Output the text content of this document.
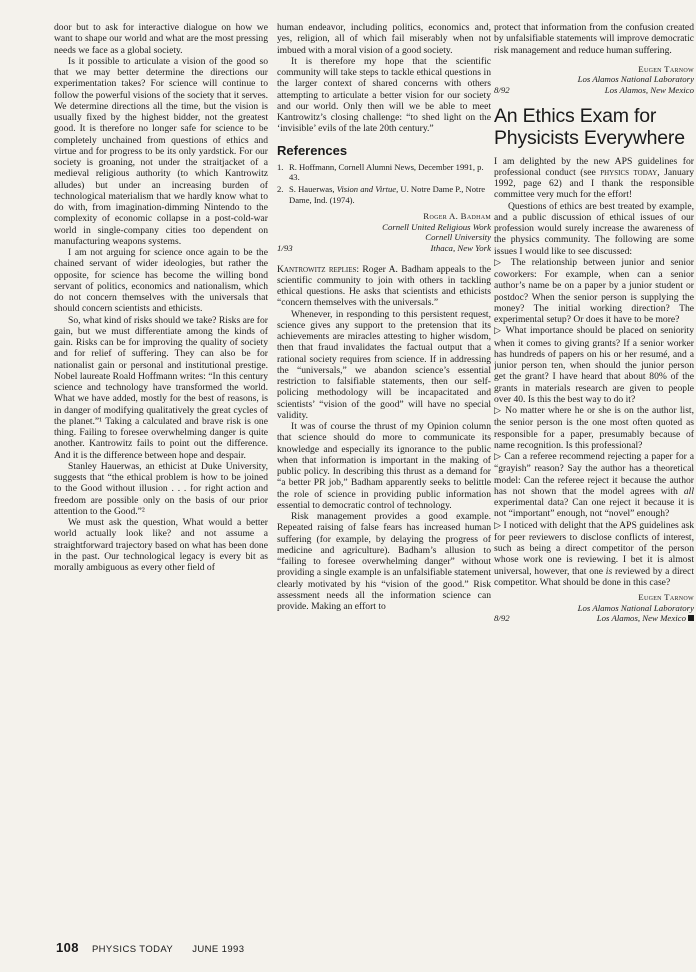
door but to ask for interactive dialogue on how we want to shape our world and what are the most pressing needs we face as a global society.

Is it possible to articulate a vision of the good so that we may better determine the directions our experimentation takes? For science will continue to follow the powerful visions of the society that it serves. We determine directions all the time, but the vision is usually fixed by the highest bidder, not the greatest good. It is therefore no longer safe for science to be completely unchained from questions of ethics and virtue and for progress to be its only yardstick. For our society is groaning, not under the straitjacket of a medieval religious authority (to which Kantrowitz alludes) but under an increasing burden of technological materialism that we hardly know what to do with, from imagination-dimming Nintendo to the complexity of economic collapse in a post-cold-war world in single-company cities too dependent on manufacturing weapons systems.

I am not arguing for science once again to be the chained servant of wider ideologies, but rather the opposite, for science has become the willing bond servant of politics, economics and nationalism, which do not concern themselves with the universals that should concern scientists and ethicists.

So, what kind of risks should we take? Risks are for gain, but we must differentiate among the kinds of gain. Risks can be for improving the quality of society and for relief of suffering. They can also be for nationalist gain or personal and institutional prestige. Nobel laureate Roald Hoffmann writes: “In this century science and technology have transformed the world. What we have added, mostly for the best of reasons, is in danger of modifying qualitatively the great cycles of the planet.”¹ Taking a calculated and brave risk is one thing. Failing to foresee overwhelming danger is quite another. Kantrowitz fails to point out the difference. And it is the difference between hope and despair.

Stanley Hauerwas, an ethicist at Duke University, suggests that “the ethical problem is how to be joined to the Good without illusion . . . for right action and freedom are possible only on the basis of our prior attention to the Good.”²

We must ask the question, What would a better world actually look like? and not assume a straightforward trajectory based on what has been done in the past. Our technological legacy is every bit as morally ambiguous as every other field of

human endeavor, including politics, economics and, yes, religion, all of which fail miserably when not imbued with a moral vision of a good society.

It is therefore my hope that the scientific community will take steps to tackle ethical questions in the larger context of shared concerns with others attempting to articulate a better vision for our society and our world. Only then will we be able to meet Kantrowitz’s closing challenge: “to shed light on the ‘invisible’ evils of the late 20th century.”

References
1. R. Hoffmann, Cornell Alumni News, December 1991, p. 43.
2. S. Hauerwas, Vision and Virtue, U. Notre Dame P., Notre Dame, Ind. (1974).
Roger A. Badham
Cornell United Religious Work
Cornell University
1/93	Ithaca, New York

Kantrowitz replies: Roger A. Badham appeals to the scientific community to join with others in tackling ethical questions. He asks that scientists and ethicists “concern themselves with the universals.”

Whenever, in responding to this persistent request, science gives any support to the pretension that its achievements are miracles attesting to higher wisdom, then that fraud invalidates the factual output that a rational society requires from science. If in addressing the “universals,” we abandon science’s essential restriction to falsifiable statements, then our self-policing methodology will be incapacitated and scientists’ “vision of the good” will have no special validity.

It was of course the thrust of my Opinion column that science should do more to communicate its knowledge and especially its ignorance to the public when that information is important in the making of public policy. In describing this thrust as a demand for “a better PR job,” Badham apparently seeks to belittle the role of science in providing public information essential to democratic control of technology.

Risk management provides a good example. Repeated raising of false fears has increased human suffering (for example, by delaying the progress of medicine and agriculture). Badham’s allusion to “failing to foresee overwhelming danger” without providing a single example is an unfalsifiable statement clearly motivated by his “vision of the good.” Risk assessment needs all the information science can provide. Making an effort to

protect that information from the confusion created by unfalsifiable statements will improve democratic risk management and reduce human suffering.

Eugen Tarnow
Los Alamos National Laboratory
8/92	Los Alamos, New Mexico
An Ethics Exam for Physicists Everywhere

I am delighted by the new APS guidelines for professional conduct (see physics today, January 1992, page 62) and I thank the responsible committee very much for the effort!

Questions of ethics are best treated by example, and a public discussion of ethical issues of our profession would surely increase the awareness of the physics community. The following are some issues I would like to see discussed:

▷ The relationship between junior and senior coworkers: For example, when can a senior author’s name be on a paper by a junior student or postdoc? When the senior person is supplying the money? The initial working direction? The experimental setup? Or does it have to be more?

▷ What importance should be placed on seniority when it comes to giving grants? If a senior worker has hundreds of papers on his or her resumé, and a junior person ten, when should the junior person get the grant? I have heard that about 80% of the grants in materials research are given to people over 40. Is this the best way to do it?

▷ No matter where he or she is on the author list, the senior person is the one most often quoted as responsible for a paper, presumably because of name recognition. Is this professional?

▷ Can a referee recommend rejecting a paper for a “grayish” reason? Say the author has a theoretical model: Can the referee reject it because the author has not shown that the model agrees with all experimental data? Can one reject it because it is not “important” enough, not “novel” enough?

▷ I noticed with delight that the APS guidelines ask for peer reviewers to disclose conflicts of interest, such as being a direct competitor of the person whose work one is reviewing. I bet it is almost universal, however, that one is reviewed by a direct competitor. What should be done in this case?

Eugen Tarnow
Los Alamos National Laboratory
8/92	Los Alamos, New Mexico
108 PHYSICS TODAY JUNE 1993
